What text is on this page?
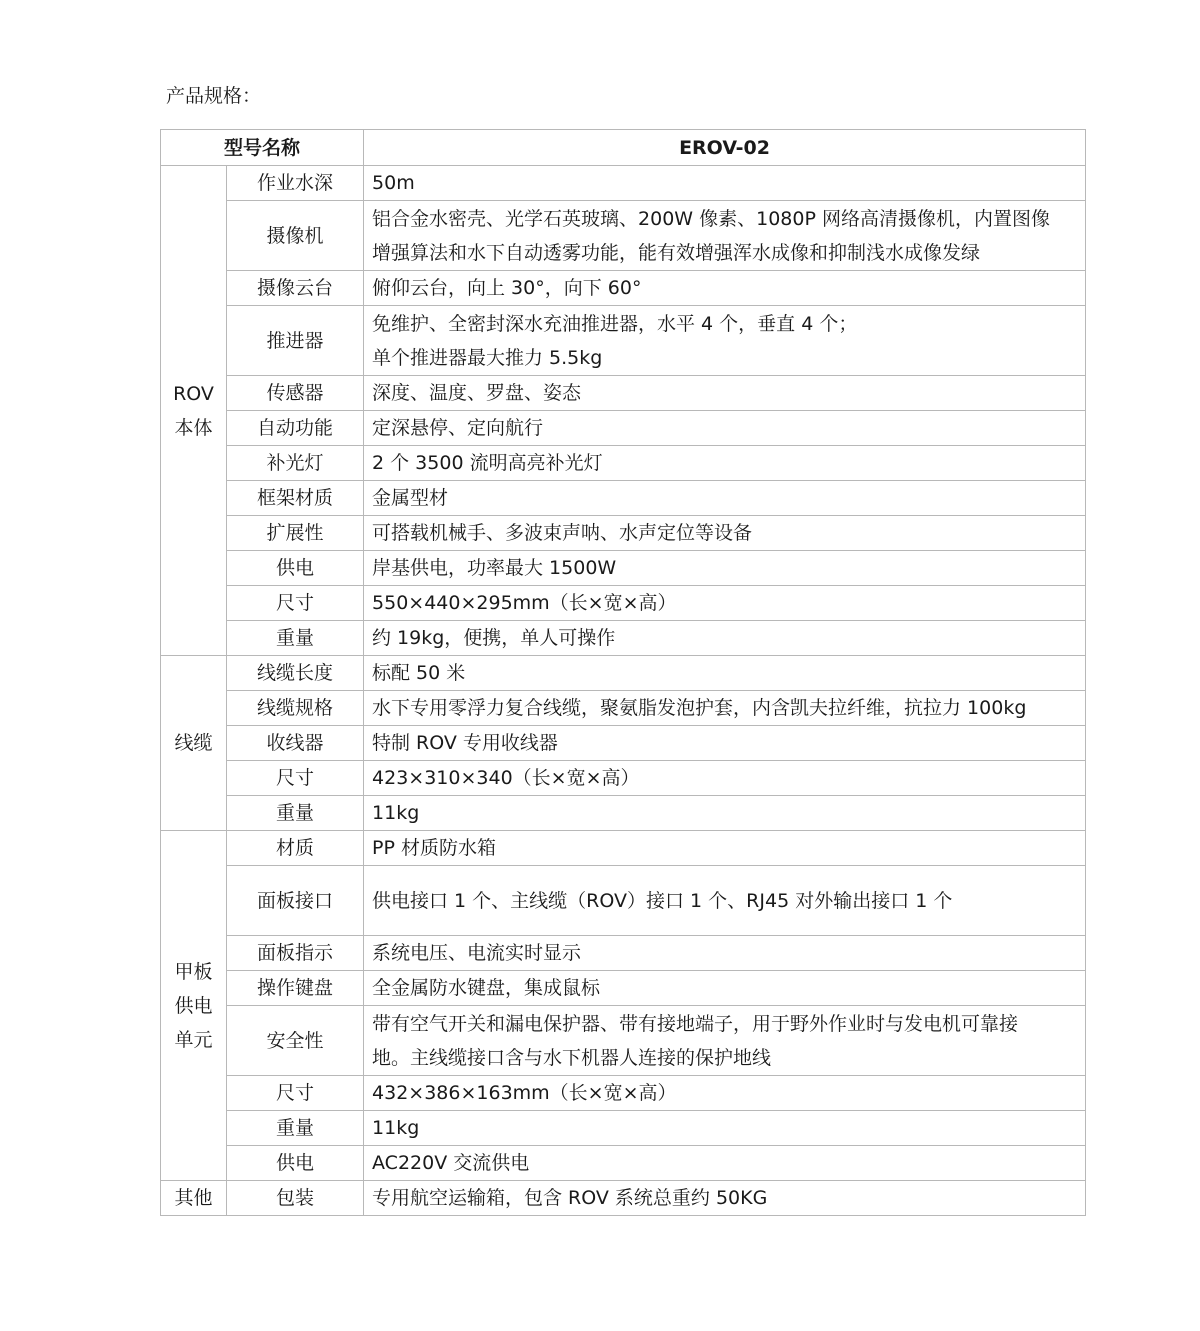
产品规格：
型号名称		EROV-02

ROV
本体	作业水深	50m

	摄像机	铝合金水密壳、光学石英玻璃、200W 像素、1080P 网络高清摄像机，内置图像
增强算法和水下自动透雾功能，能有效增强浑水成像和抑制浅水成像发绿

	摄像云台	俯仰云台，向上 30°，向下 60°

	推进器	免维护、全密封深水充油推进器，水平 4 个，垂直 4 个；
单个推进器最大推力 5.5kg

	传感器	深度、温度、罗盘、姿态

	自动功能	定深悬停、定向航行

	补光灯	2 个 3500 流明高亮补光灯

	框架材质	金属型材

	扩展性	可搭载机械手、多波束声呐、水声定位等设备

	供电	岸基供电，功率最大 1500W

	尺寸	550×440×295mm（长×宽×高）

	重量	约 19kg，便携，单人可操作

线缆	线缆长度	标配 50 米

	线缆规格	水下专用零浮力复合线缆，聚氨脂发泡护套，内含凯夫拉纤维，抗拉力 100kg

	收线器	特制 ROV 专用收线器

	尺寸	423×310×340（长×宽×高）

	重量	11kg

甲板
供电
单元	材质	PP 材质防水箱

	面板接口	供电接口 1 个、主线缆（ROV）接口 1 个、RJ45 对外输出接口 1 个

	面板指示	系统电压、电流实时显示

	操作键盘	全金属防水键盘，集成鼠标

	安全性	带有空气开关和漏电保护器、带有接地端子，用于野外作业时与发电机可靠接
地。主线缆接口含与水下机器人连接的保护地线

	尺寸	432×386×163mm（长×宽×高）

	重量	11kg

	供电	AC220V 交流供电

其他	包装	专用航空运输箱，包含 ROV 系统总重约 50KG
